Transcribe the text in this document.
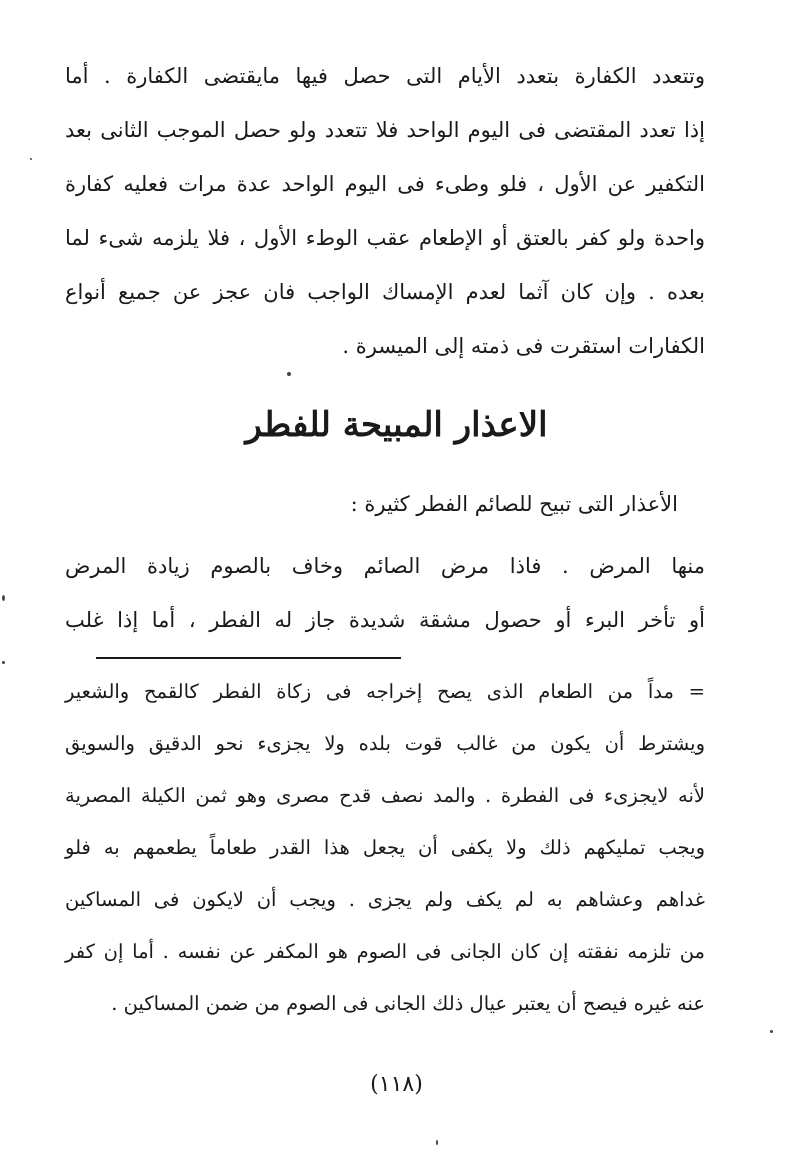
وتتعدد الكفارة بتعدد الأيام التى حصل فيها مايقتضى الكفارة . أما
إذا تعدد المقتضى فى اليوم الواحد فلا تتعدد ولو حصل الموجب الثانى بعد
التكفير عن الأول ، فلو وطىء فى اليوم الواحد عدة مرات فعليه كفارة
واحدة ولو كفر بالعتق أو الإطعام عقب الوطء الأول ، فلا يلزمه شىء لما
بعده . وإن كان آثما لعدم الإمساك الواجب فان عجز عن جميع أنواع
الكفارات استقرت فى ذمته إلى الميسرة .
الاعذار المبيحة للفطر
الأعذار التى تبيح للصائم الفطر كثيرة :
منها المرض . فاذا مرض الصائم وخاف بالصوم زيادة المرض
أو تأخر البرء أو حصول مشقة شديدة جاز له الفطر ، أما إذا غلب
= مداً من الطعام الذى يصح إخراجه فى زكاة الفطر كالقمح والشعير
ويشترط أن يكون من غالب قوت بلده ولا يجزىء نحو الدقيق والسويق
لأنه لايجزىء فى الفطرة . والمد نصف قدح مصرى وهو ثمن الكيلة المصرية
ويجب تمليكهم ذلك ولا يكفى أن يجعل هذا القدر طعاماً يطعمهم به فلو
غداهم وعشاهم به لم يكف ولم يجزى . ويجب أن لايكون فى المساكين
من تلزمه نفقته إن كان الجانى فى الصوم هو المكفر عن نفسه . أما إن كفر
عنه غيره فيصح أن يعتبر عيال ذلك الجانى فى الصوم من ضمن المساكين .
(١١٨)
